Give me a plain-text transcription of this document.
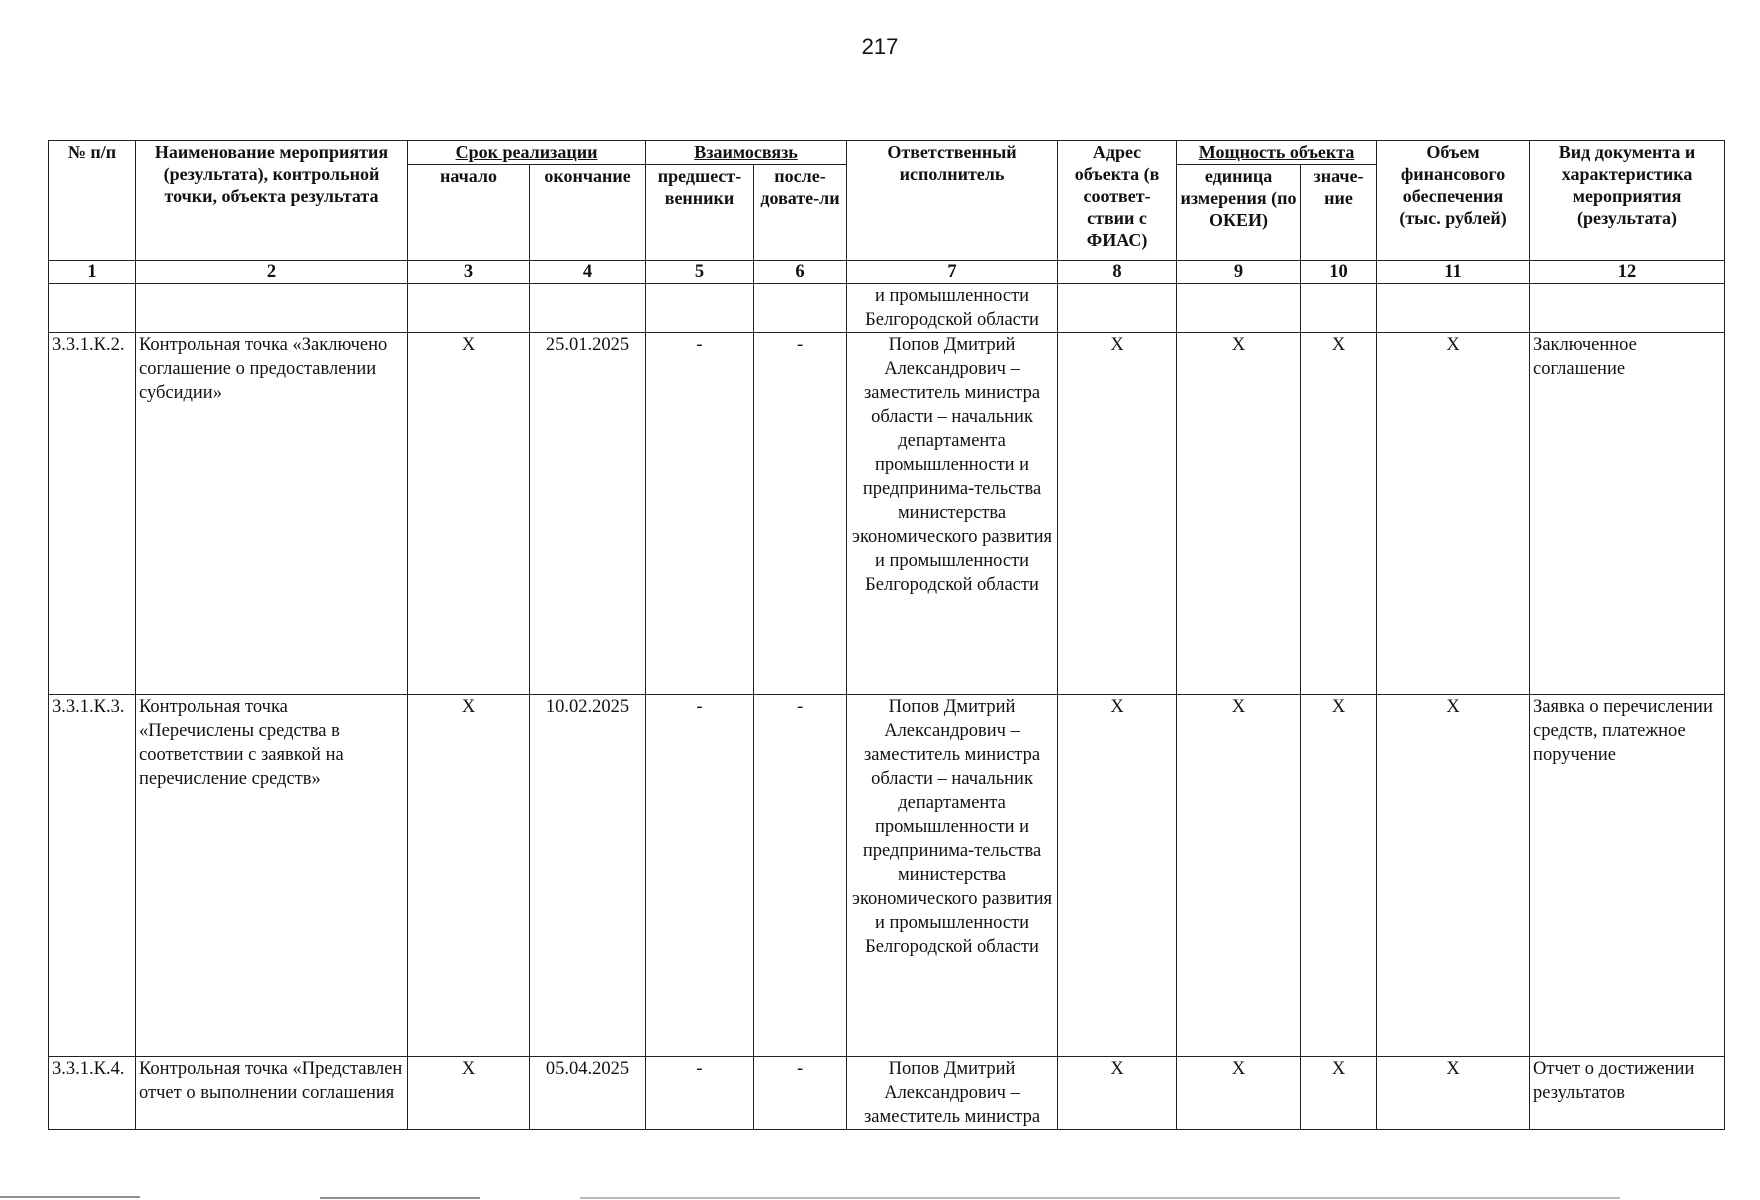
217
№ п/п	Наименование мероприятия (результата), контрольной точки, объекта результата	Срок реализации		Взаимосвязь		Ответственный исполнитель	Адрес объекта (в соответ-ствии с ФИАС)	Мощность объекта		Объем финансового обеспечения (тыс. рублей)	Вид документа и характеристика мероприятия (результата)
		начало	окончание	предшест-венники	после-довате-ли			единица измерения (по ОКЕИ)	значе-ние		
1	2	3	4	5	6	7	8	9	10	11	12
						и промышленности Белгородской области					
3.3.1.К.2.	Контрольная точка «Заключено соглашение о предоставлении субсидии»	Х	25.01.2025	-	-	Попов Дмитрий Александрович – заместитель министра области – начальник департамента промышленности и предпринима-тельства министерства экономического развития и промышленности Белгородской области	Х	Х	Х	Х	Заключенное соглашение
3.3.1.К.3.	Контрольная точка «Перечислены средства в соответствии с заявкой на перечисление средств»	Х	10.02.2025	-	-	Попов Дмитрий Александрович – заместитель министра области – начальник департамента промышленности и предпринима-тельства министерства экономического развития и промышленности Белгородской области	Х	Х	Х	Х	Заявка о перечислении средств, платежное поручение
3.3.1.К.4.	Контрольная точка «Представлен отчет о выполнении соглашения	Х	05.04.2025	-	-	Попов Дмитрий Александрович – заместитель министра	Х	Х	Х	Х	Отчет о достижении результатов
